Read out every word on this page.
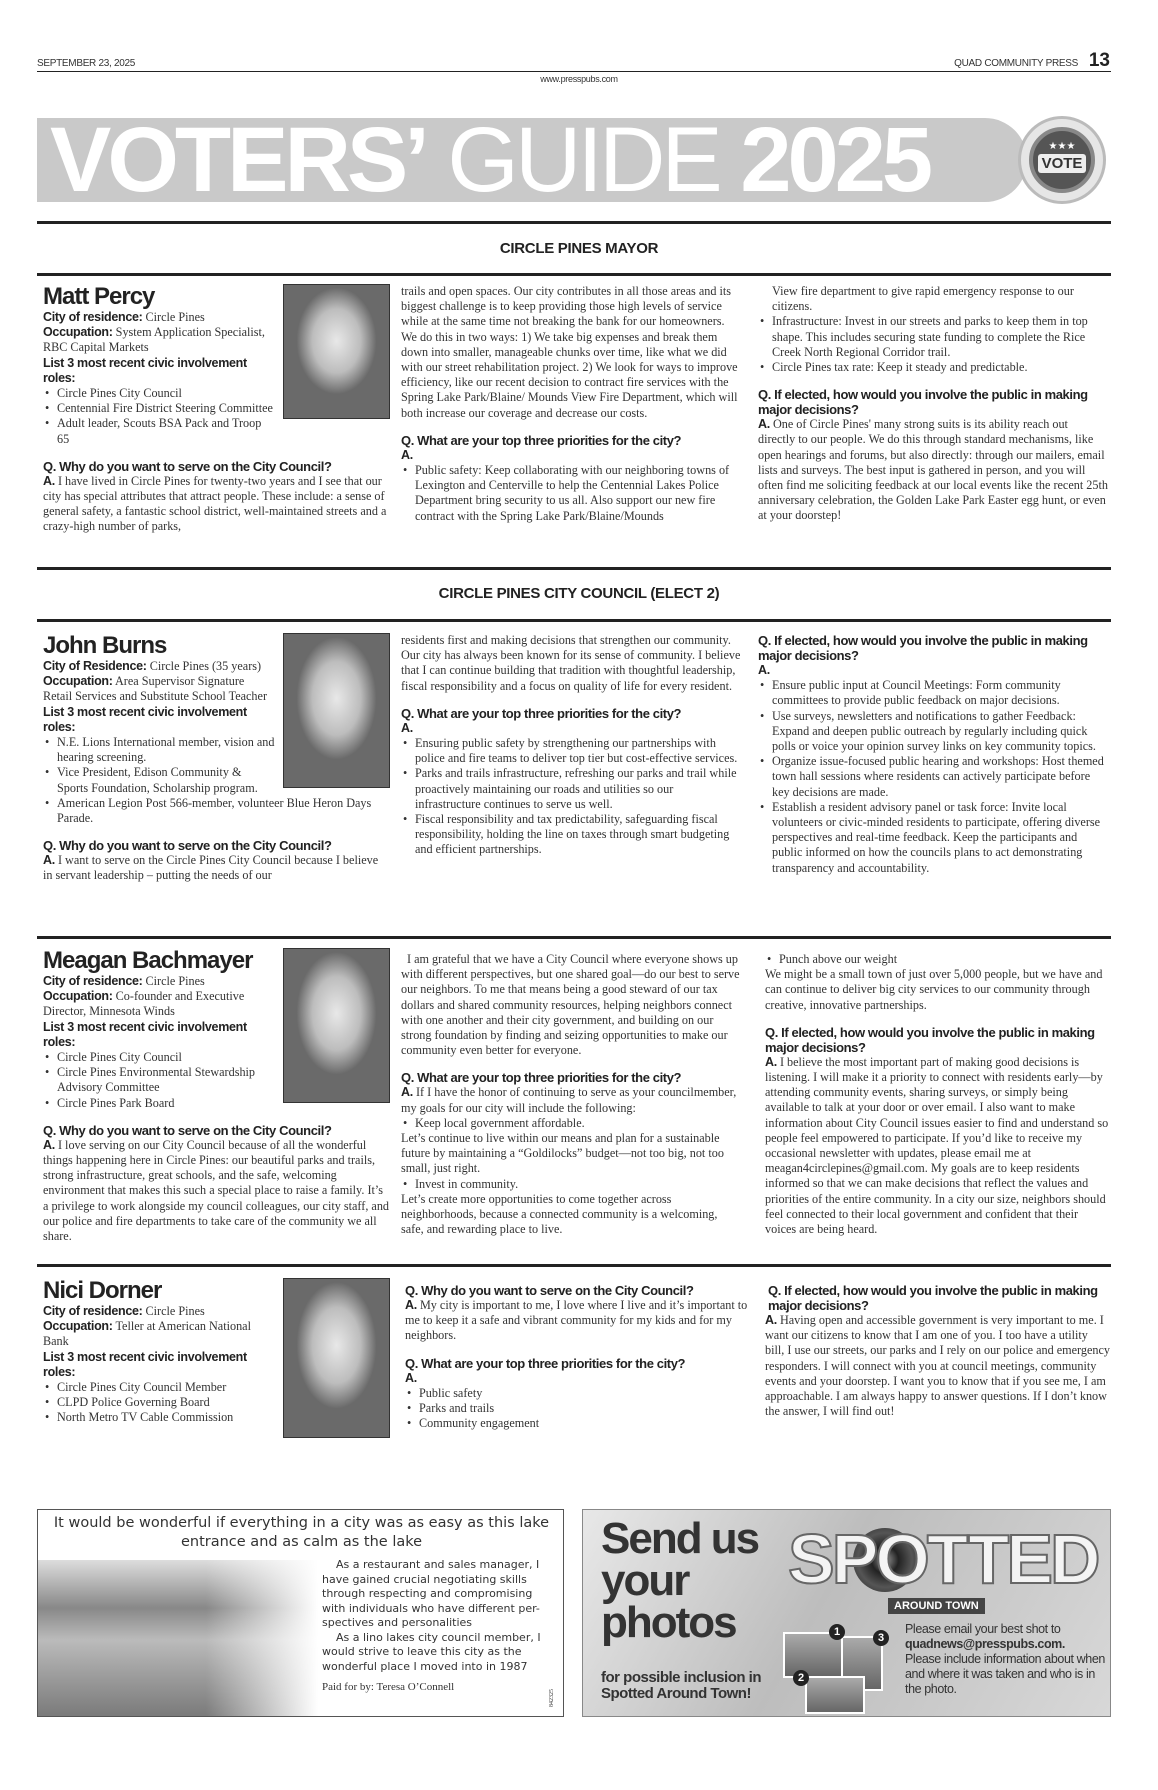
SEPTEMBER 23, 2025	QUAD COMMUNITY PRESS 13
www.presspubs.com
VOTERS’ GUIDE 2025	★★★
VOTE
CIRCLE PINES MAYOR
Matt Percy

City of residence: Circle Pines

Occupation: System Application Specialist, RBC Capital Markets

List 3 most recent civic involvement roles:

• Circle Pines City Council
• Centennial Fire District Steering Committee
• Adult leader, Scouts BSA Pack and Troop 65

Q. Why do you want to serve on the City Council?

A. I have lived in Circle Pines for twenty-two years and I see that our city has special attributes that attract people. These include: a sense of general safety, a fantastic school district, well-maintained streets and a crazy-high number of parks,

trails and open spaces. Our city contributes in all those areas and its biggest challenge is to keep providing those high levels of service while at the same time not breaking the bank for our homeowners. We do this in two ways: 1) We take big expenses and break them down into smaller, manageable chunks over time, like what we did with our street rehabilitation project. 2) We look for ways to improve efficiency, like our recent decision to contract fire services with the Spring Lake Park/Blaine/ Mounds View Fire Department, which will both increase our coverage and decrease our costs.

Q. What are your top three priorities for the city?

A.

• Public safety: Keep collaborating with our neighboring towns of Lexington and Centerville to help the Centennial Lakes Police Department bring security to us all. Also support our new fire contract with the Spring Lake Park/Blaine/Mounds

View fire department to give rapid emergency response to our citizens.

• Infrastructure: Invest in our streets and parks to keep them in top shape. This includes securing state funding to complete the Rice Creek North Regional Corridor trail.
• Circle Pines tax rate: Keep it steady and predictable.

Q. If elected, how would you involve the public in making major decisions?

A. One of Circle Pines' many strong suits is its ability reach out directly to our people. We do this through standard mechanisms, like open hearings and forums, but also directly: through our mailers, email lists and surveys. The best input is gathered in person, and you will often find me soliciting feedback at our local events like the recent 25th anniversary celebration, the Golden Lake Park Easter egg hunt, or even at your doorstep!

CIRCLE PINES CITY COUNCIL (ELECT 2)
John Burns

City of Residence: Circle Pines (35 years)

Occupation: Area Supervisor Signature Retail Services and Substitute School Teacher

List 3 most recent civic involvement roles:

• N.E. Lions International member, vision and hearing screening.
• Vice President, Edison Community & Sports Foundation, Scholarship program.
• American Legion Post 566-member, volunteer Blue Heron Days Parade.

Q. Why do you want to serve on the City Council?

A. I want to serve on the Circle Pines City Council because I believe in servant leadership – putting the needs of our

residents first and making decisions that strengthen our community. Our city has always been known for its sense of community. I believe that I can continue building that tradition with thoughtful leadership, fiscal responsibility and a focus on quality of life for every resident.

Q. What are your top three priorities for the city?

A.

• Ensuring public safety by strengthening our partnerships with police and fire teams to deliver top tier but cost-effective services.
• Parks and trails infrastructure, refreshing our parks and trail while proactively maintaining our roads and utilities so our infrastructure continues to serve us well.
• Fiscal responsibility and tax predictability, safeguarding fiscal responsibility, holding the line on taxes through smart budgeting and efficient partnerships.

Q. If elected, how would you involve the public in making major decisions?

A.

• Ensure public input at Council Meetings: Form community committees to provide public feedback on major decisions.
• Use surveys, newsletters and notifications to gather Feedback: Expand and deepen public outreach by regularly including quick polls or voice your opinion survey links on key community topics.
• Organize issue-focused public hearing and workshops: Host themed town hall sessions where residents can actively participate before key decisions are made.
• Establish a resident advisory panel or task force: Invite local volunteers or civic-minded residents to participate, offering diverse perspectives and real-time feedback. Keep the participants and public informed on how the councils plans to act demonstrating transparency and accountability.
Meagan Bachmayer

City of residence: Circle Pines

Occupation: Co-founder and Executive Director, Minnesota Winds

List 3 most recent civic involvement roles:

• Circle Pines City Council
• Circle Pines Environmental Stewardship Advisory Committee
• Circle Pines Park Board

Q. Why do you want to serve on the City Council?

A. I love serving on our City Council because of all the wonderful things happening here in Circle Pines: our beautiful parks and trails, strong infrastructure, great schools, and the safe, welcoming environment that makes this such a special place to raise a family. It’s a privilege to work alongside my council colleagues, our city staff, and our police and fire departments to take care of the community we all share.

I am grateful that we have a City Council where everyone shows up with different perspectives, but one shared goal—do our best to serve our neighbors. To me that means being a good steward of our tax dollars and shared community resources, helping neighbors connect with one another and their city government, and building on our strong foundation by finding and seizing opportunities to make our community even better for everyone.

Q. What are your top three priorities for the city?

A. If I have the honor of continuing to serve as your councilmember, my goals for our city will include the following:

• Keep local government affordable.

Let’s continue to live within our means and plan for a sustainable future by maintaining a “Goldilocks” budget—not too big, not too small, just right.

• Invest in community.

Let’s create more opportunities to come together across neighborhoods, because a connected community is a welcoming, safe, and rewarding place to live.

• Punch above our weight

We might be a small town of just over 5,000 people, but we have and can continue to deliver big city services to our community through creative, innovative partnerships.

Q. If elected, how would you involve the public in making major decisions?

A. I believe the most important part of making good decisions is listening. I will make it a priority to connect with residents early—by attending community events, sharing surveys, or simply being available to talk at your door or over email. I also want to make information about City Council issues easier to find and understand so people feel empowered to participate. If you’d like to receive my occasional newsletter with updates, please email me at meagan4circlepines@gmail.com. My goals are to keep residents informed so that we can make decisions that reflect the values and priorities of the entire community. In a city our size, neighbors should feel connected to their local government and confident that their voices are being heard.

Nici Dorner

City of residence: Circle Pines

Occupation: Teller at American National Bank

List 3 most recent civic involvement roles:

• Circle Pines City Council Member
• CLPD Police Governing Board
• North Metro TV Cable Commission

Q. Why do you want to serve on the City Council?

A. My city is important to me, I love where I live and it’s important to me to keep it a safe and vibrant community for my kids and for my neighbors.

Q. What are your top three priorities for the city?

A.

• Public safety
• Parks and trails
• Community engagement

Q. If elected, how would you involve the public in making major decisions?

A. Having open and accessible government is very important to me. I want our citizens to know that I am one of you. I too have a utility bill, I use our streets, our parks and I rely on our police and emergency responders. I will connect with you at council meetings, community events and your doorstep. I want you to know that if you see me, I am approachable. I am always happy to answer questions. If I don’t know the answer, I will find out!

It would be wonderful if everything in a city was as easy as this lake entrance and as calm as the lake

As a restaurant and sales manager, I have gained crucial negotiating skills through respecting and compromising with individuals who have different per-spectives and personalities

As a lino lakes city council member, I would strive to leave this city as the wonderful place I moved into in 1987

Paid for by: Teresa O’Connell

842325
Send us your photos
for possible inclusion in Spotted Around Town!
SPOTTED
AROUND TOWN
1
2
3
Please email your best shot to
quadnews@presspubs.com.
Please include information about when and where it was taken and who is in the photo.
